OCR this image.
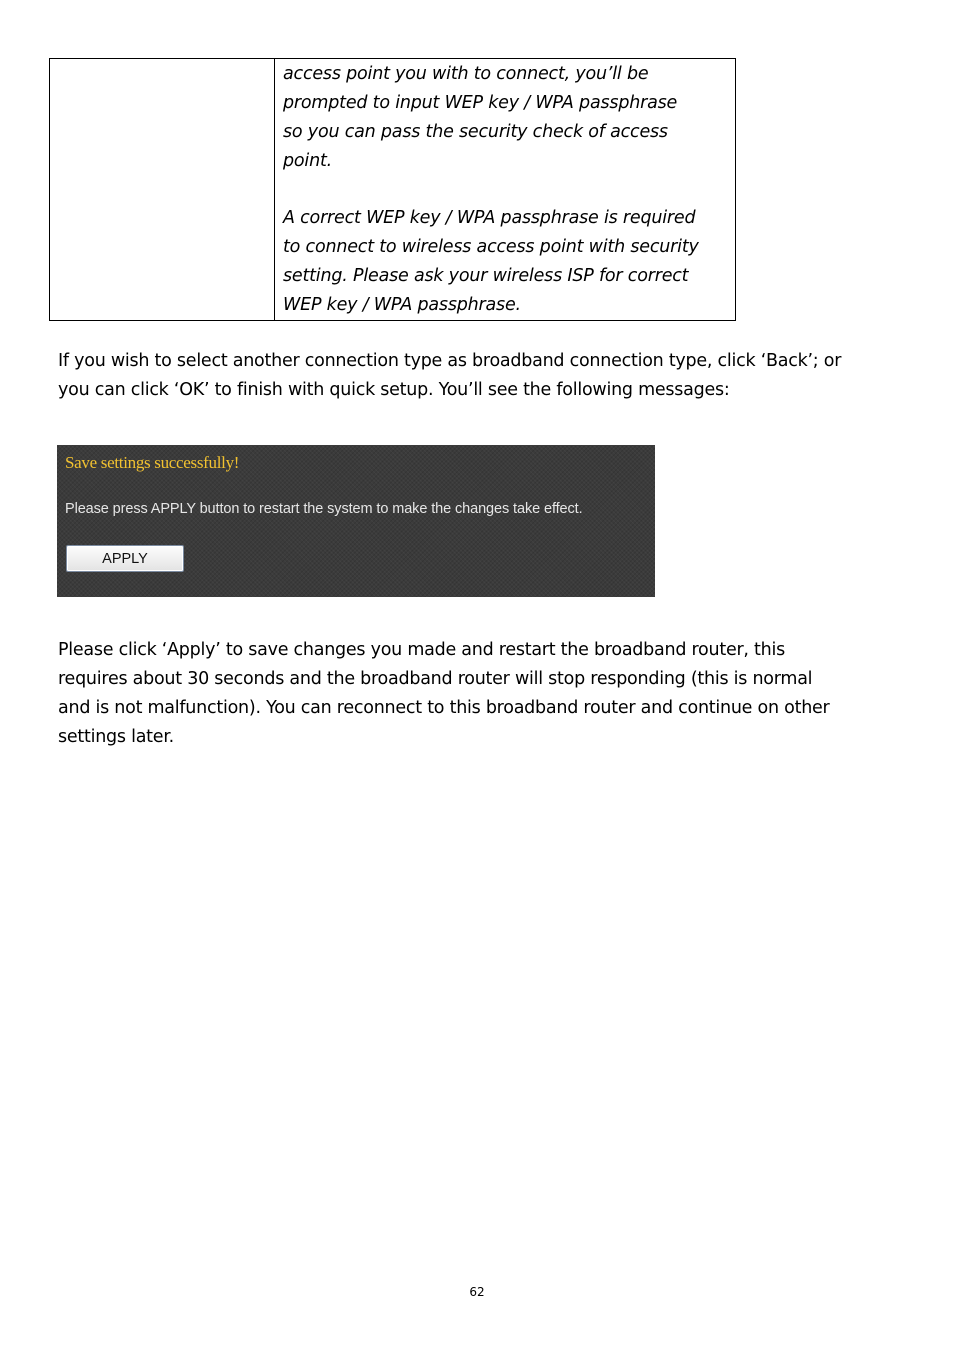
access point you with to connect, you’ll be

prompted to input WEP key / WPA passphrase

so you can pass the security check of access

point.

A correct WEP key / WPA passphrase is required

to connect to wireless access point with security

setting. Please ask your wireless ISP for correct

WEP key / WPA passphrase.

If you wish to select another connection type as broadband connection type, click ‘Back’; or
you can click ‘OK’ to finish with quick setup. You’ll see the following messages:
Save settings successfully!
Please press APPLY button to restart the system to make the changes take effect.
APPLY
Please click ‘Apply’ to save changes you made and restart the broadband router, this
requires about 30 seconds and the broadband router will stop responding (this is normal
and is not malfunction). You can reconnect to this broadband router and continue on other
settings later.
62
